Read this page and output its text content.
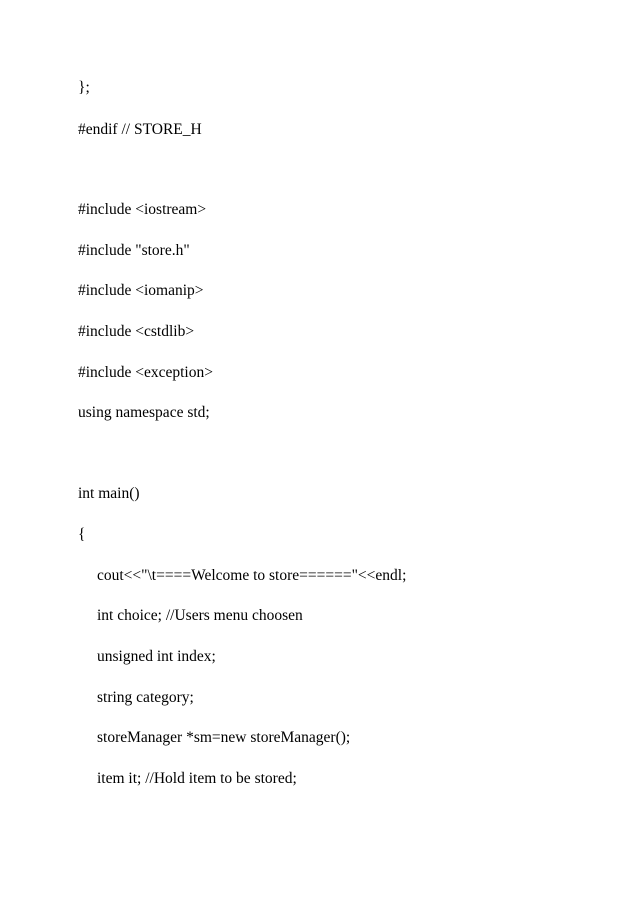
};
#endif // STORE_H
#include <iostream>
#include "store.h"
#include <iomanip>
#include <cstdlib>
#include <exception>
using namespace std;
int main()
{
cout<<"\t====Welcome to store======"<<endl;
int choice; //Users menu choosen
unsigned int index;
string category;
storeManager *sm=new storeManager();
item it; //Hold item to be stored;
